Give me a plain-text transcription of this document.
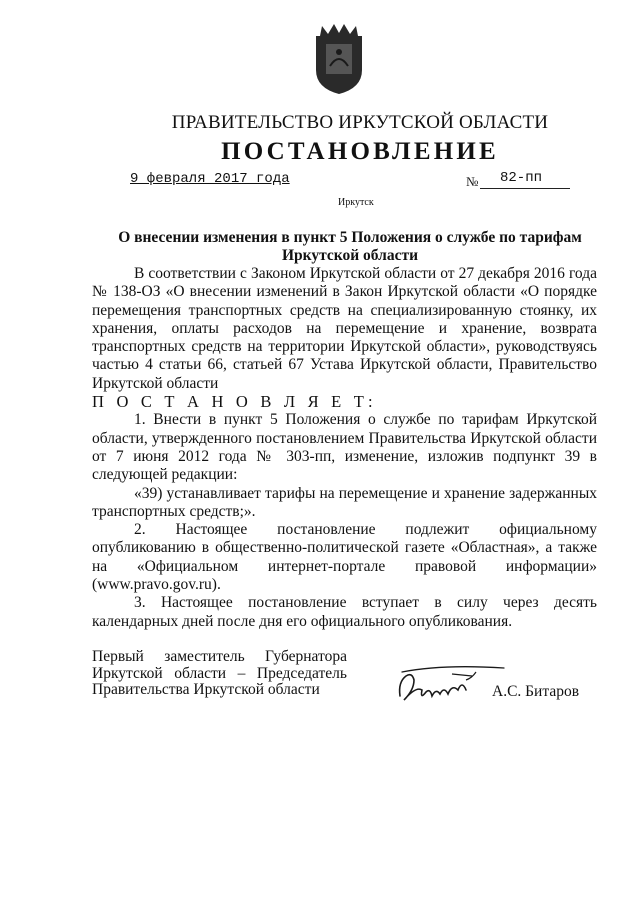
ПРАВИТЕЛЬСТВО ИРКУТСКОЙ ОБЛАСТИ
ПОСТАНОВЛЕНИЕ
9 февраля 2017 года	№ 82-пп
Иркутск
О внесении изменения в пункт 5 Положения о службе по тарифам Иркутской области

В соответствии с Законом Иркутской области от 27 декабря 2016 года № 138-ОЗ «О внесении изменений в Закон Иркутской области «О порядке перемещения транспортных средств на специализированную стоянку, их хранения, оплаты расходов на перемещение и хранение, возврата транспортных средств на территории Иркутской области», руководствуясь частью 4 статьи 66, статьей 67 Устава Иркутской области, Правительство Иркутской области

П О С Т А Н О В Л Я Е Т:

1. Внести в пункт 5 Положения о службе по тарифам Иркутской области, утвержденного постановлением Правительства Иркутской области от 7 июня 2012 года № 303-пп, изменение, изложив подпункт 39 в следующей редакции:

«39) устанавливает тарифы на перемещение и хранение задержанных транспортных средств;».

2. Настоящее постановление подлежит официальному опубликованию в общественно-политической газете «Областная», а также на «Официальном интернет-портале правовой информации» (www.pravo.gov.ru).

3. Настоящее постановление вступает в силу через десять календарных дней после дня его официального опубликования.

Первый заместитель Губернатора
Иркутской области – Председатель
Правительства Иркутской области	А.С. Битаров
